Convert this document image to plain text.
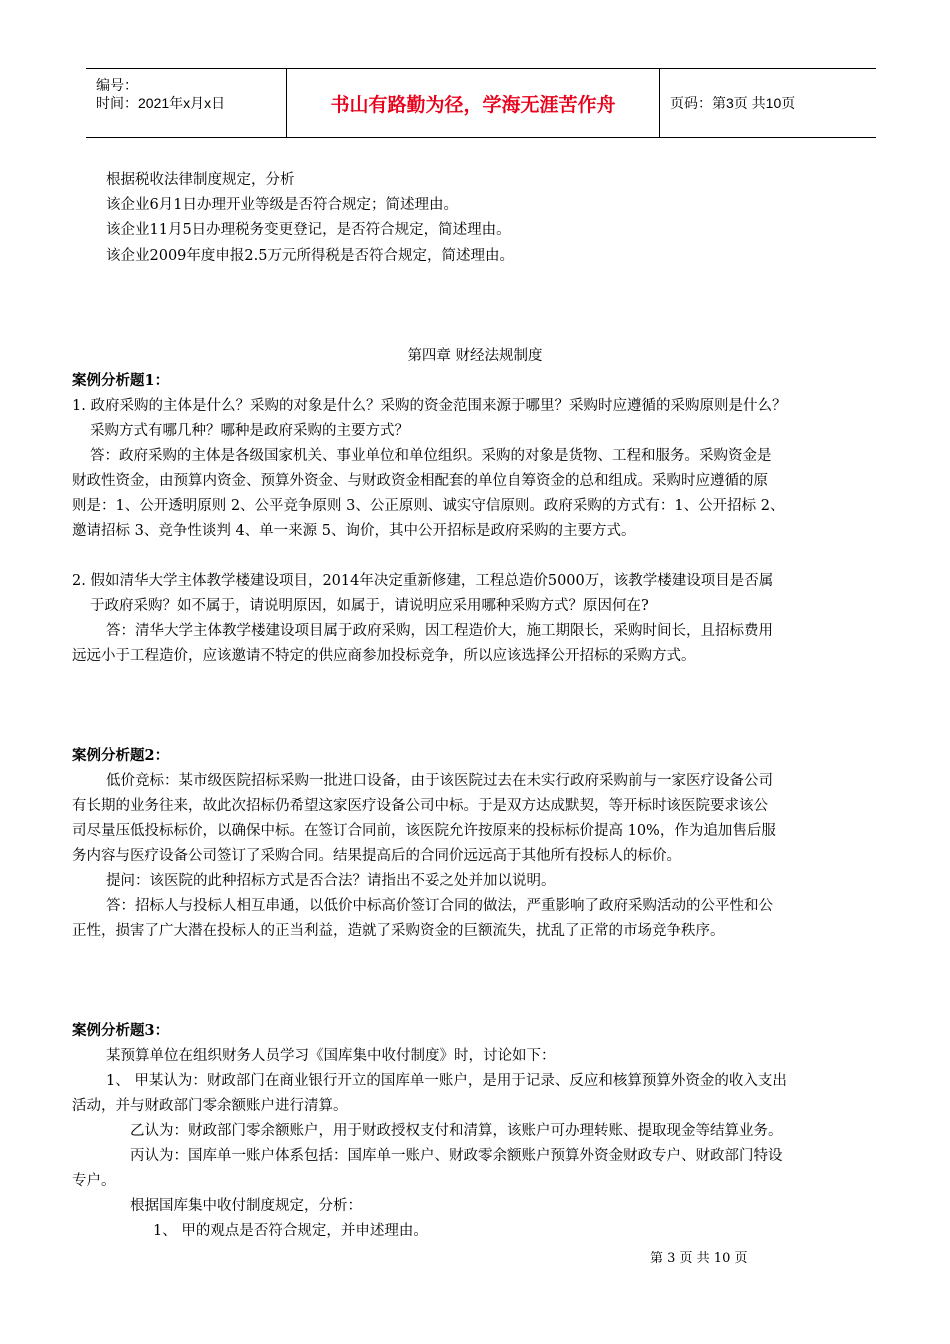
编号：
时间：2021年x月x日	书山有路勤为径，学海无涯苦作舟	页码：第3页 共10页
根据税收法律制度规定，分析
该企业6月1日办理开业等级是否符合规定；简述理由。
该企业11月5日办理税务变更登记，是否符合规定，简述理由。
该企业2009年度申报2.5万元所得税是否符合规定，简述理由。
第四章 财经法规制度
案例分析题1：
1. 政府采购的主体是什么？采购的对象是什么？采购的资金范围来源于哪里？采购时应遵循的采购原则是什么？
采购方式有哪几种？哪种是政府采购的主要方式？
答：政府采购的主体是各级国家机关、事业单位和单位组织。采购的对象是货物、工程和服务。采购资金是
财政性资金，由预算内资金、预算外资金、与财政资金相配套的单位自筹资金的总和组成。采购时应遵循的原
则是：1、公开透明原则 2、公平竞争原则 3、公正原则、诚实守信原则。政府采购的方式有：1、公开招标 2、
邀请招标 3、竞争性谈判 4、单一来源 5、询价，其中公开招标是政府采购的主要方式。
2. 假如清华大学主体教学楼建设项目，2014年决定重新修建，工程总造价5000万，该教学楼建设项目是否属
于政府采购？如不属于，请说明原因，如属于，请说明应采用哪种采购方式？原因何在?
答：清华大学主体教学楼建设项目属于政府采购，因工程造价大，施工期限长，采购时间长，且招标费用
远远小于工程造价，应该邀请不特定的供应商参加投标竞争，所以应该选择公开招标的采购方式。
案例分析题2：
低价竞标：某市级医院招标采购一批进口设备，由于该医院过去在未实行政府采购前与一家医疗设备公司
有长期的业务往来，故此次招标仍希望这家医疗设备公司中标。于是双方达成默契，等开标时该医院要求该公
司尽量压低投标标价，以确保中标。在签订合同前，该医院允许按原来的投标标价提高 10%，作为追加售后服
务内容与医疗设备公司签订了采购合同。结果提高后的合同价远远高于其他所有投标人的标价。
提问：该医院的此种招标方式是否合法？请指出不妥之处并加以说明。
答：招标人与投标人相互串通，以低价中标高价签订合同的做法，严重影响了政府采购活动的公平性和公
正性，损害了广大潜在投标人的正当利益，造就了采购资金的巨额流失，扰乱了正常的市场竞争秩序。
案例分析题3：
某预算单位在组织财务人员学习《国库集中收付制度》时，讨论如下：
1、 甲某认为：财政部门在商业银行开立的国库单一账户，是用于记录、反应和核算预算外资金的收入支出
活动，并与财政部门零余额账户进行清算。
乙认为：财政部门零余额账户，用于财政授权支付和清算，该账户可办理转账、提取现金等结算业务。
丙认为：国库单一账户体系包括：国库单一账户、财政零余额账户预算外资金财政专户、财政部门特设
专户。
根据国库集中收付制度规定，分析：
1、 甲的观点是否符合规定，并申述理由。
第 3 页 共 10 页
